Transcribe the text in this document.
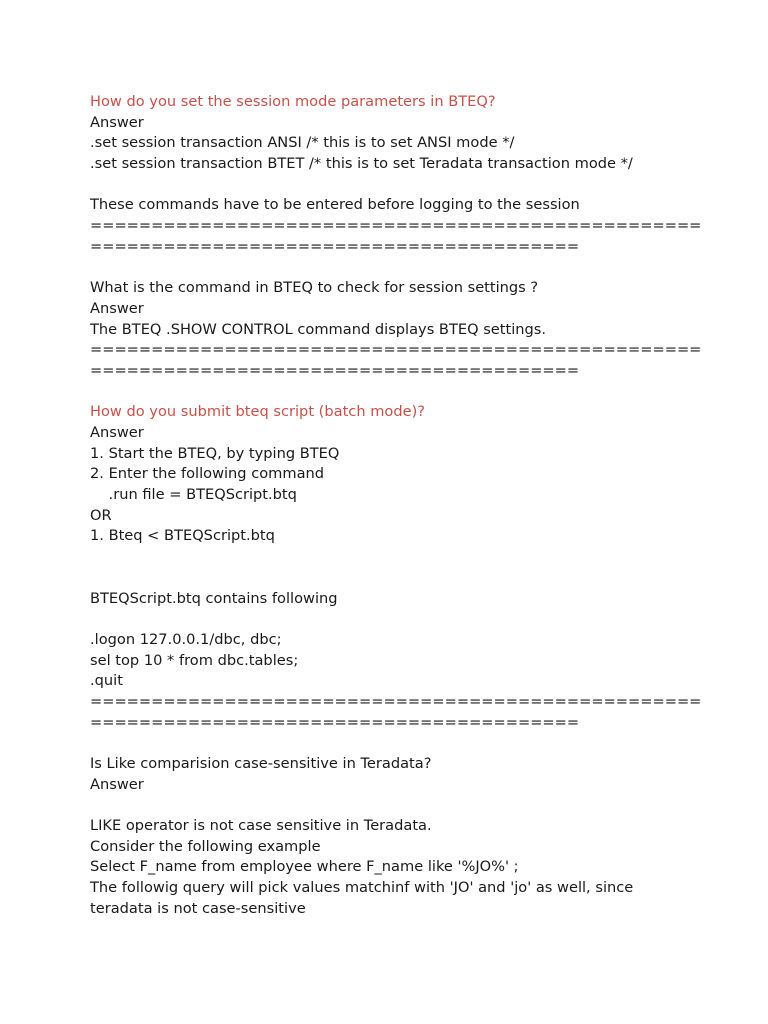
How do you set the session mode parameters in BTEQ?
Answer
.set session transaction ANSI /* this is to set ANSI mode */
.set session transaction BTET /* this is to set Teradata transaction mode */
These commands have to be entered before logging to the session
==================================================
========================================
What is the command in BTEQ to check for session settings ?
Answer
The BTEQ .SHOW CONTROL command displays BTEQ settings.
==================================================
========================================
How do you submit bteq script (batch mode)?
Answer
1. Start the BTEQ, by typing BTEQ
2. Enter the following command
.run file = BTEQScript.btq
OR
1. Bteq < BTEQScript.btq
BTEQScript.btq contains following
.logon 127.0.0.1/dbc, dbc;
sel top 10 * from dbc.tables;
.quit
==================================================
========================================
Is Like comparision case-sensitive in Teradata?
Answer
LIKE operator is not case sensitive in Teradata.
Consider the following example
Select F_name from employee where F_name like '%JO%' ;
The followig query will pick values matchinf with 'JO' and 'jo' as well, since
teradata is not case-sensitive
